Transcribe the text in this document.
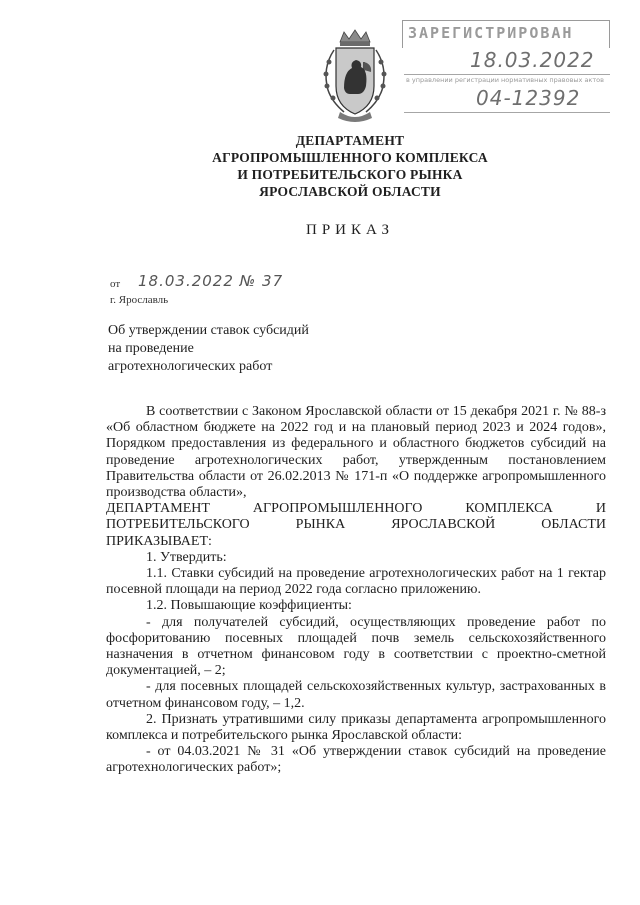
ЗАРЕГИСТРИРОВАН
18.03.2022
в управлении регистрации нормативных правовых актов
04-12392
ДЕПАРТАМЕНТ
АГРОПРОМЫШЛЕННОГО КОМПЛЕКСА
И ПОТРЕБИТЕЛЬСКОГО РЫНКА
ЯРОСЛАВСКОЙ ОБЛАСТИ
ПРИКАЗ
от 18.03.2022 № 37
г. Ярославль
Об утверждении ставок субсидий
на проведение
агротехнологических работ

В соответствии с Законом Ярославской области от 15 декабря 2021 г. № 88-з «Об областном бюджете на 2022 год и на плановый период 2023 и 2024 годов», Порядком предоставления из федерального и областного бюджетов субсидий на проведение агротехнологических работ, утвержденным постановлением Правительства области от 26.02.2013 № 171-п «О поддержке агропромышленного производства области»,

ДЕПАРТАМЕНТ АГРОПРОМЫШЛЕННОГО КОМПЛЕКСА И
ПОТРЕБИТЕЛЬСКОГО РЫНКА ЯРОСЛАВСКОЙ ОБЛАСТИ
ПРИКАЗЫВАЕТ:

1. Утвердить:

1.1. Ставки субсидий на проведение агротехнологических работ на 1 гектар посевной площади на период 2022 года согласно приложению.

1.2. Повышающие коэффициенты:

- для получателей субсидий, осуществляющих проведение работ по фосфоритованию посевных площадей почв земель сельскохозяйственного назначения в отчетном финансовом году в соответствии с проектно-сметной документацией, – 2;

- для посевных площадей сельскохозяйственных культур, застрахованных в отчетном финансовом году, – 1,2.

2. Признать утратившими силу приказы департамента агропромышленного комплекса и потребительского рынка Ярославской области:

- от 04.03.2021 № 31 «Об утверждении ставок субсидий на проведение агротехнологических работ»;
